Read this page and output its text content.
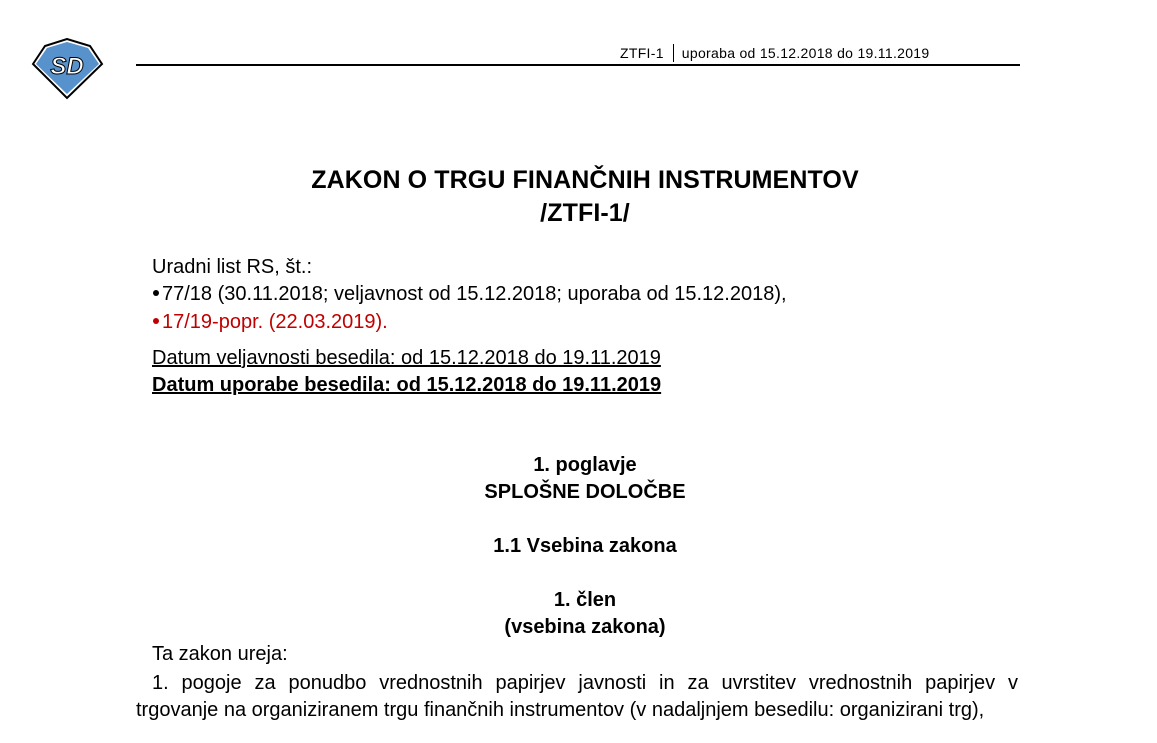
SD	ZTFI-1 uporaba od 15.12.2018 do 19.11.2019
ZAKON O TRGU FINANČNIH INSTRUMENTOV
/ZTFI-1/
Uradni list RS, št.:
77/18 (30.11.2018; veljavnost od 15.12.2018; uporaba od 15.12.2018),
17/19-popr. (22.03.2019).
Datum veljavnosti besedila: od 15.12.2018 do 19.11.2019
Datum uporabe besedila: od 15.12.2018 do 19.11.2019
1. poglavje
SPLOŠNE DOLOČBE
1.1 Vsebina zakona
1. člen
(vsebina zakona)
Ta zakon ureja:
1. pogoje za ponudbo vrednostnih papirjev javnosti in za uvrstitev vrednostnih papirjev v trgovanje na organiziranem trgu finančnih instrumentov (v nadaljnjem besedilu: organizirani trg),
